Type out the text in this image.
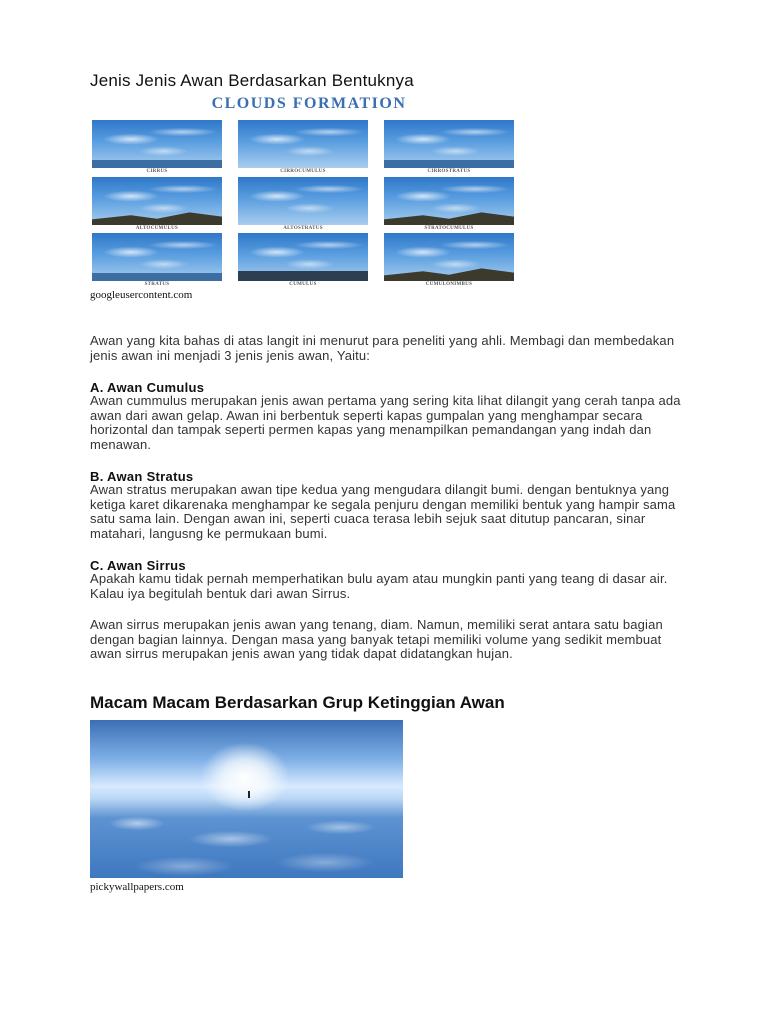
Jenis Jenis Awan Berdasarkan Bentuknya
CLOUDS FORMATION
CIRRUS	CIRROCUMULUS	CIRROSTRATUS
ALTOCUMULUS	ALTOSTRATUS	STRATOCUMULUS
STRATUS	CUMULUS	CUMULONIMBUS
googleusercontent.com

Awan yang kita bahas di atas langit ini menurut para peneliti yang ahli. Membagi dan membedakan jenis awan ini menjadi 3 jenis jenis awan, Yaitu:

A. Awan Cumulus

Awan cummulus merupakan jenis awan pertama yang sering kita lihat dilangit yang cerah tanpa ada awan dari awan gelap. Awan ini berbentuk seperti kapas gumpalan yang menghampar secara horizontal dan tampak seperti permen kapas yang menampilkan pemandangan yang indah dan menawan.

B. Awan Stratus

Awan stratus merupakan awan tipe kedua yang mengudara dilangit bumi. dengan bentuknya yang ketiga karet dikarenaka menghampar ke segala penjuru dengan memiliki bentuk yang hampir sama satu sama lain. Dengan awan ini, seperti cuaca terasa lebih sejuk saat ditutup pancaran, sinar matahari, langusng ke permukaan bumi.

C. Awan Sirrus

Apakah kamu tidak pernah memperhatikan bulu ayam atau mungkin panti yang teang di dasar air. Kalau iya begitulah bentuk dari awan Sirrus.

Awan sirrus merupakan jenis awan yang tenang, diam. Namun, memiliki serat antara satu bagian dengan bagian lainnya. Dengan masa yang banyak tetapi memiliki volume yang sedikit membuat awan sirrus merupakan jenis awan yang tidak dapat didatangkan hujan.

Macam Macam Berdasarkan Grup Ketinggian Awan
pickywallpapers.com
